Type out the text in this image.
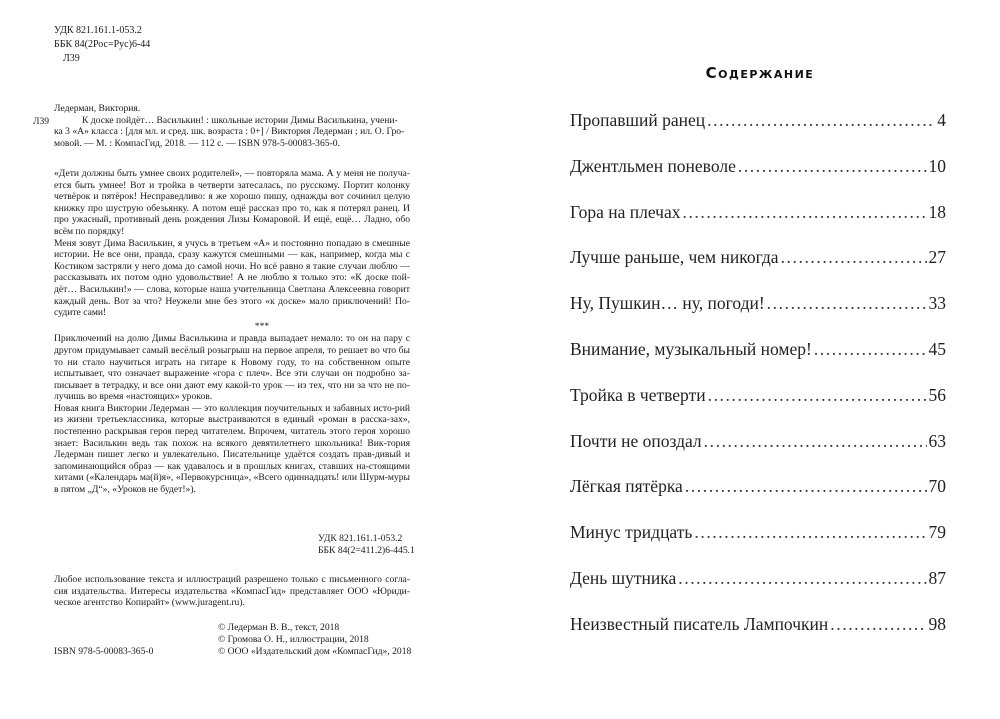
УДК 821.161.1-053.2
ББК 84(2Рос=Рус)6-44
Л39
Л39

Ледерман, Виктория.

К доске пойдёт… Василькин! : школьные истории Димы Василькина, учени-

ка 3 «А» класса : [для мл. и сред. шк. возраста : 0+] / Виктория Ледерман ; ил. О. Гро-

мовой. — М. : КомпасГид, 2018. — 112 с. — ISBN 978-5-00083-365-0.

«Дети должны быть умнее своих родителей», — повторяла мама. А у меня не получа-ется быть умнее! Вот и тройка в четверти затесалась, по русскому. Портит колонку четвёрок и пятёрок! Несправедливо: я же хорошо пишу, однажды вот сочинил целую книжку про шуструю обезьянку. А потом ещё рассказ про то, как я потерял ранец. И про ужасный, противный день рождения Лизы Комаровой. И ещё, ещё… Ладно, обо всём по порядку!

Меня зовут Дима Василькин, я учусь в третьем «А» и постоянно попадаю в смешные истории. Не все они, правда, сразу кажутся смешными — как, например, когда мы с Костиком застряли у него дома до самой ночи. Но всё равно я такие случаи люблю — рассказывать их потом одно удовольствие! А не люблю я только это: «К доске пой-дёт… Василькин!» — слова, которые наша учительница Светлана Алексеевна говорит каждый день. Вот за что? Неужели мне без этого «к доске» мало приключений! По-судите сами!

***

Приключений на долю Димы Василькина и правда выпадает немало: то он на пару с другом придумывает самый весёлый розыгрыш на первое апреля, то решает во что бы то ни стало научиться играть на гитаре к Новому году, то на собственном опыте испытывает, что означает выражение «гора с плеч». Все эти случаи он подробно за-писывает в тетрадку, и все они дают ему какой-то урок — из тех, что ни за что не по-лучишь во время «настоящих» уроков.

Новая книга Виктории Ледерман — это коллекция поучительных и забавных исто-рий из жизни третьеклассника, которые выстраиваются в единый «роман в расска-зах», постепенно раскрывая героя перед читателем. Впрочем, читатель этого героя хорошо знает: Василькин ведь так похож на всякого девятилетнего школьника! Вик-тория Ледерман пишет легко и увлекательно. Писательнице удаётся создать прав-дивый и запоминающийся образ — как удавалось и в прошлых книгах, ставших на-стоящими хитами («Календарь ма(й)я», «Первокурсница», «Всего одиннадцать! или Шурм-муры в пятом „Д“», «Уроков не будет!»).

УДК 821.161.1-053.2
ББК 84(2=411.2)6-445.1

Любое использование текста и иллюстраций разрешено только с письменного согла-сия издательства. Интересы издательства «КомпасГид» представляет ООО «Юриди-ческое агентство Копирайт» (www.juragent.ru).

© Ледерман В. В., текст, 2018
© Громова О. Н., иллюстрации, 2018
© ООО «Издательский дом «КомпасГид», 2018
ISBN 978-5-00083-365-0
Содержание
Пропавший ранец .....	4
Джентльмен поневоле .....	10
Гора на плечах .....	18
Лучше раньше, чем никогда .....	27
Ну, Пушкин… ну, погоди! .....	33
Внимание, музыкальный номер! .....	45
Тройка в четверти .....	56
Почти не опоздал .....	63
Лёгкая пятёрка .....	70
Минус тридцать .....	79
День шутника .....	87
Неизвестный писатель Лампочкин .....	98
